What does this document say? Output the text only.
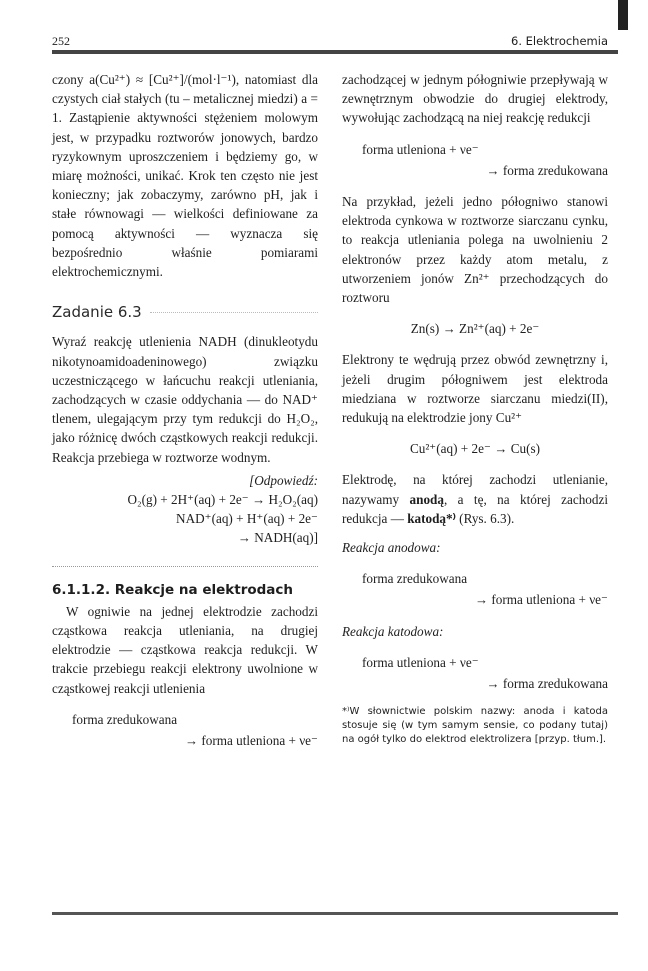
252	6. Elektrochemia

czony a(Cu²⁺) ≈ [Cu²⁺]/(mol·l⁻¹), natomiast dla czystych ciał stałych (tu – metalicznej miedzi) a = 1. Zastąpienie aktywności stężeniem molowym jest, w przypadku roztworów jonowych, bardzo ryzykownym uproszczeniem i będziemy go, w miarę możności, unikać. Krok ten często nie jest konieczny; jak zobaczymy, zarówno pH, jak i stałe równowagi — wielkości definiowane za pomocą aktywności — wyznacza się bezpośrednio właśnie pomiarami elektrochemicznymi.

Zadanie 6.3

Wyraź reakcję utlenienia NADH (dinukleotydu nikotynoamidoadeninowego) związku uczestniczącego w łańcuchu reakcji utleniania, zachodzących w czasie oddychania — do NAD⁺ tlenem, ulegającym przy tym redukcji do H₂O₂, jako różnicę dwóch cząstkowych reakcji redukcji. Reakcja przebiega w roztworze wodnym.

[Odpowiedź:
O₂(g) + 2H⁺(aq) + 2e⁻ → H₂O₂(aq)
NAD⁺(aq) + H⁺(aq) + 2e⁻
→ NADH(aq)]
6.1.1.2. Reakcje na elektrodach

W ogniwie na jednej elektrodzie zachodzi cząstkowa reakcja utleniania, na drugiej elektrodzie — cząstkowa reakcja redukcji. W trakcie przebiegu reakcji elektrony uwolnione w cząstkowej reakcji utlenienia

forma zredukowana
→ forma utleniona + νe⁻

zachodzącej w jednym półogniwie przepływają w zewnętrznym obwodzie do drugiej elektrody, wywołując zachodzącą na niej reakcję redukcji

forma utleniona + νe⁻
→ forma zredukowana

Na przykład, jeżeli jedno półogniwo stanowi elektroda cynkowa w roztworze siarczanu cynku, to reakcja utleniania polega na uwolnieniu 2 elektronów przez każdy atom metalu, z utworzeniem jonów Zn²⁺ przechodzących do roztworu

Zn(s) → Zn²⁺(aq) + 2e⁻

Elektrony te wędrują przez obwód zewnętrzny i, jeżeli drugim półogniwem jest elektroda miedziana w roztworze siarczanu miedzi(II), redukują na elektrodzie jony Cu²⁺

Cu²⁺(aq) + 2e⁻ → Cu(s)

Elektrodę, na której zachodzi utlenianie, nazywamy anodą, a tę, na której zachodzi redukcja — katodą*⁾ (Rys. 6.3).

Reakcja anodowa:
forma zredukowana
→ forma utleniona + νe⁻
Reakcja katodowa:
forma utleniona + νe⁻
→ forma zredukowana
*⁾W słownictwie polskim nazwy: anoda i katoda stosuje się (w tym samym sensie, co podany tutaj) na ogół tylko do elektrod elektrolizera [przyp. tłum.].
